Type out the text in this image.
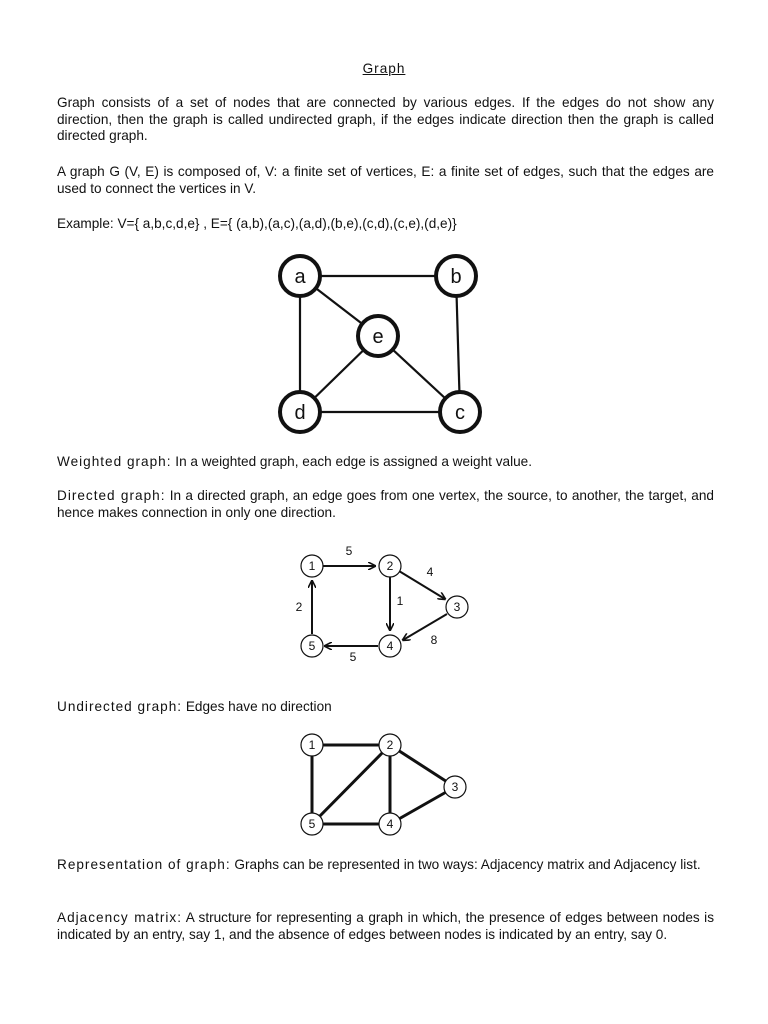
Graph

Graph consists of a set of nodes that are connected by various edges. If the edges do not show any direction, then the graph is called undirected graph, if the edges indicate direction then the graph is called directed graph.

A graph G (V, E) is composed of, V: a finite set of vertices, E: a finite set of edges, such that the edges are used to connect the vertices in V.

Example: V={ a,b,c,d,e} , E={ (a,b),(a,c),(a,d),(b,e),(c,d),(c,e),(d,e)}

a	b
c
d
e

Weighted graph: In a weighted graph, each edge is assigned a weight value.

Directed graph: In a directed graph, an edge goes from one vertex, the source, to another, the target, and hence makes connection in only one direction.

1	2
3
4
5
5
4
1
2
8
5

Undirected graph: Edges have no direction

1	2
3
4
5

Representation of graph: Graphs can be represented in two ways: Adjacency matrix and Adjacency list.

Adjacency matrix: A structure for representing a graph in which, the presence of edges between nodes is indicated by an entry, say 1, and the absence of edges between nodes is indicated by an entry, say 0.
